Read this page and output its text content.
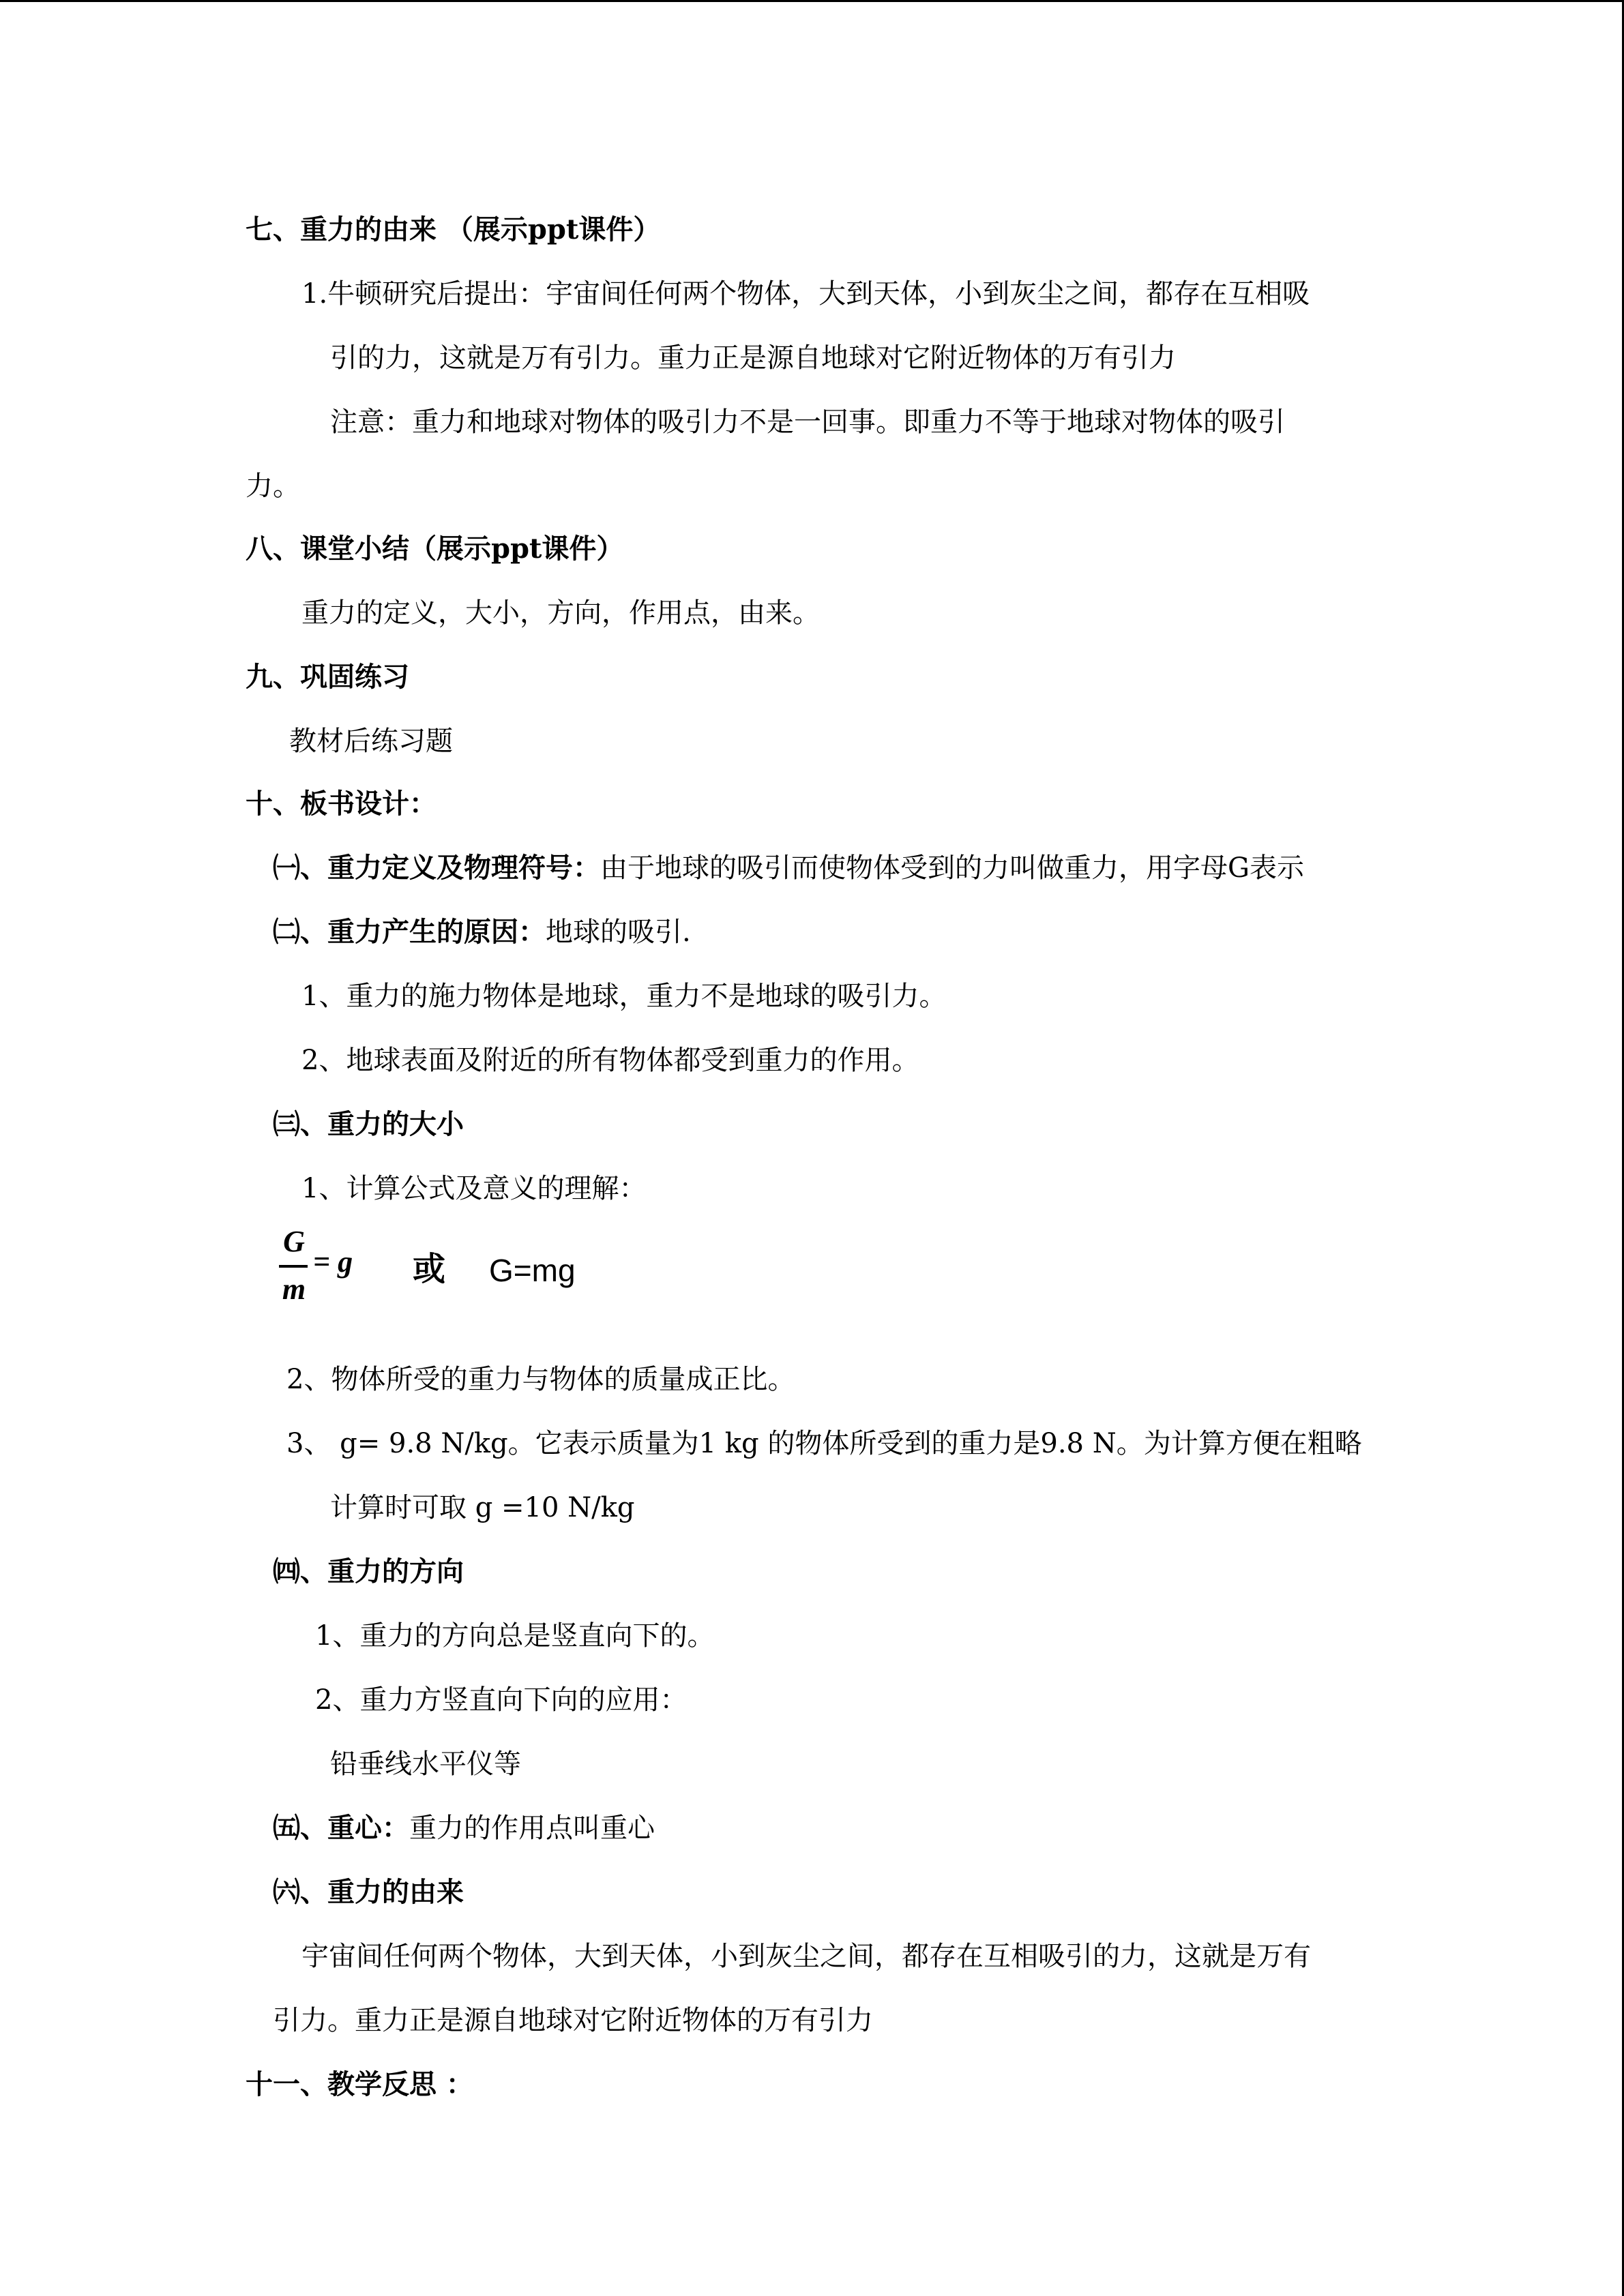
七、重力的由来 （展示ppt课件）
1.牛顿研究后提出：宇宙间任何两个物体，大到天体，小到灰尘之间，都存在互相吸
引的力，这就是万有引力。重力正是源自地球对它附近物体的万有引力
注意：重力和地球对物体的吸引力不是一回事。即重力不等于地球对物体的吸引
力。
八、课堂小结（展示ppt课件）
重力的定义，大小，方向，作用点，由来。
九、巩固练习
教材后练习题
十、板书设计：
㈠、重力定义及物理符号：由于地球的吸引而使物体受到的力叫做重力，用字母G表示
㈡、重力产生的原因：地球的吸引.
1、重力的施力物体是地球，重力不是地球的吸引力。
2、地球表面及附近的所有物体都受到重力的作用。
㈢、重力的大小
1、计算公式及意义的理解：
G
m
= g 或 G=mg
2、物体所受的重力与物体的质量成正比。
3、 g= 9.8 N/kg。它表示质量为1 kg 的物体所受到的重力是9.8 N。为计算方便在粗略
计算时可取 g =10 N/kg
㈣、重力的方向
1、重力的方向总是竖直向下的。
2、重力方竖直向下向的应用：
铅垂线水平仪等
㈤、重心：重力的作用点叫重心
㈥、重力的由来
宇宙间任何两个物体，大到天体，小到灰尘之间，都存在互相吸引的力，这就是万有
引力。重力正是源自地球对它附近物体的万有引力
十一、教学反思 ：
